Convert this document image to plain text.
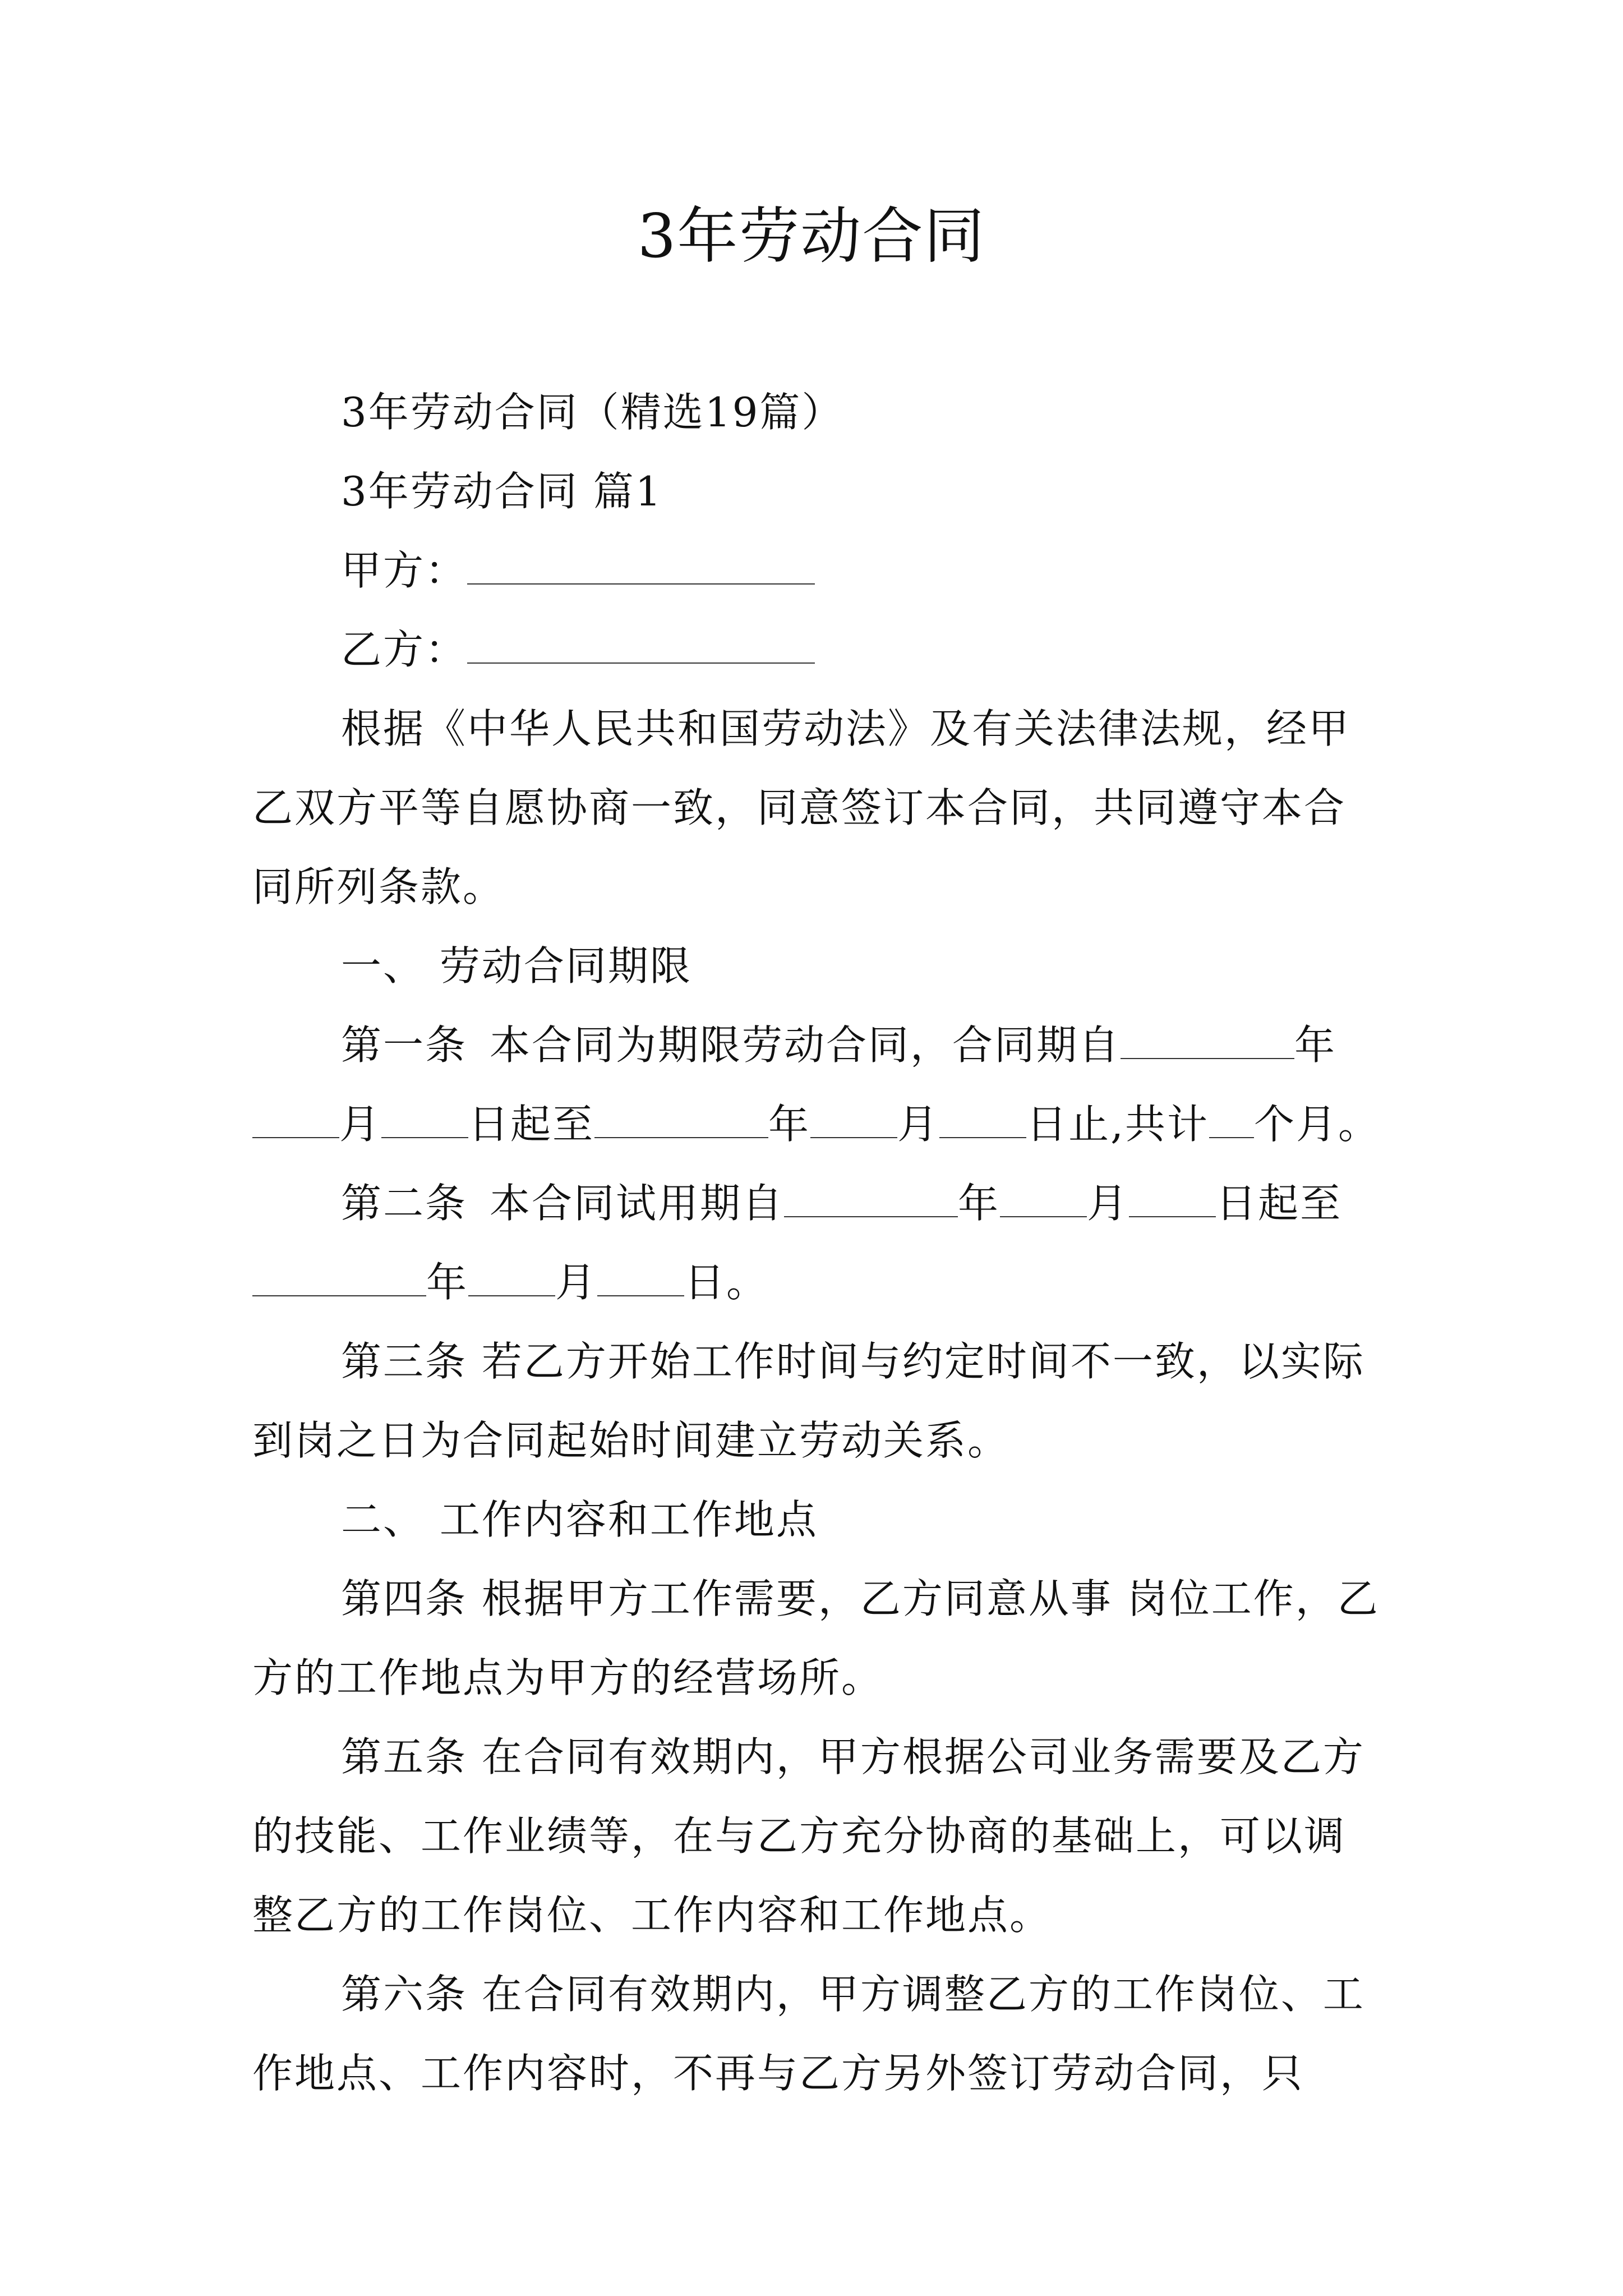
3年劳动合同

3年劳动合同（精选19篇）

3年劳动合同 篇1

甲方：

乙方：

根据《中华人民共和国劳动法》及有关法律法规，经甲乙双方平等自愿协商一致，同意签订本合同，共同遵守本合同所列条款。

一、 劳动合同期限

第一条 本合同为期限劳动合同，合同期自	年月 日起至	年 月 日止,共计 个月。

第二条 本合同试用期自	年 月 日起至年 月 日。

第三条 若乙方开始工作时间与约定时间不一致，以实际到岗之日为合同起始时间建立劳动关系。

二、 工作内容和工作地点

第四条 根据甲方工作需要，乙方同意从事 岗位工作，乙方的工作地点为甲方的经营场所。

第五条 在合同有效期内，甲方根据公司业务需要及乙方的技能、工作业绩等，在与乙方充分协商的基础上，可以调整乙方的工作岗位、工作内容和工作地点。

第六条 在合同有效期内，甲方调整乙方的工作岗位、工作地点、工作内容时，不再与乙方另外签订劳动合同，只
